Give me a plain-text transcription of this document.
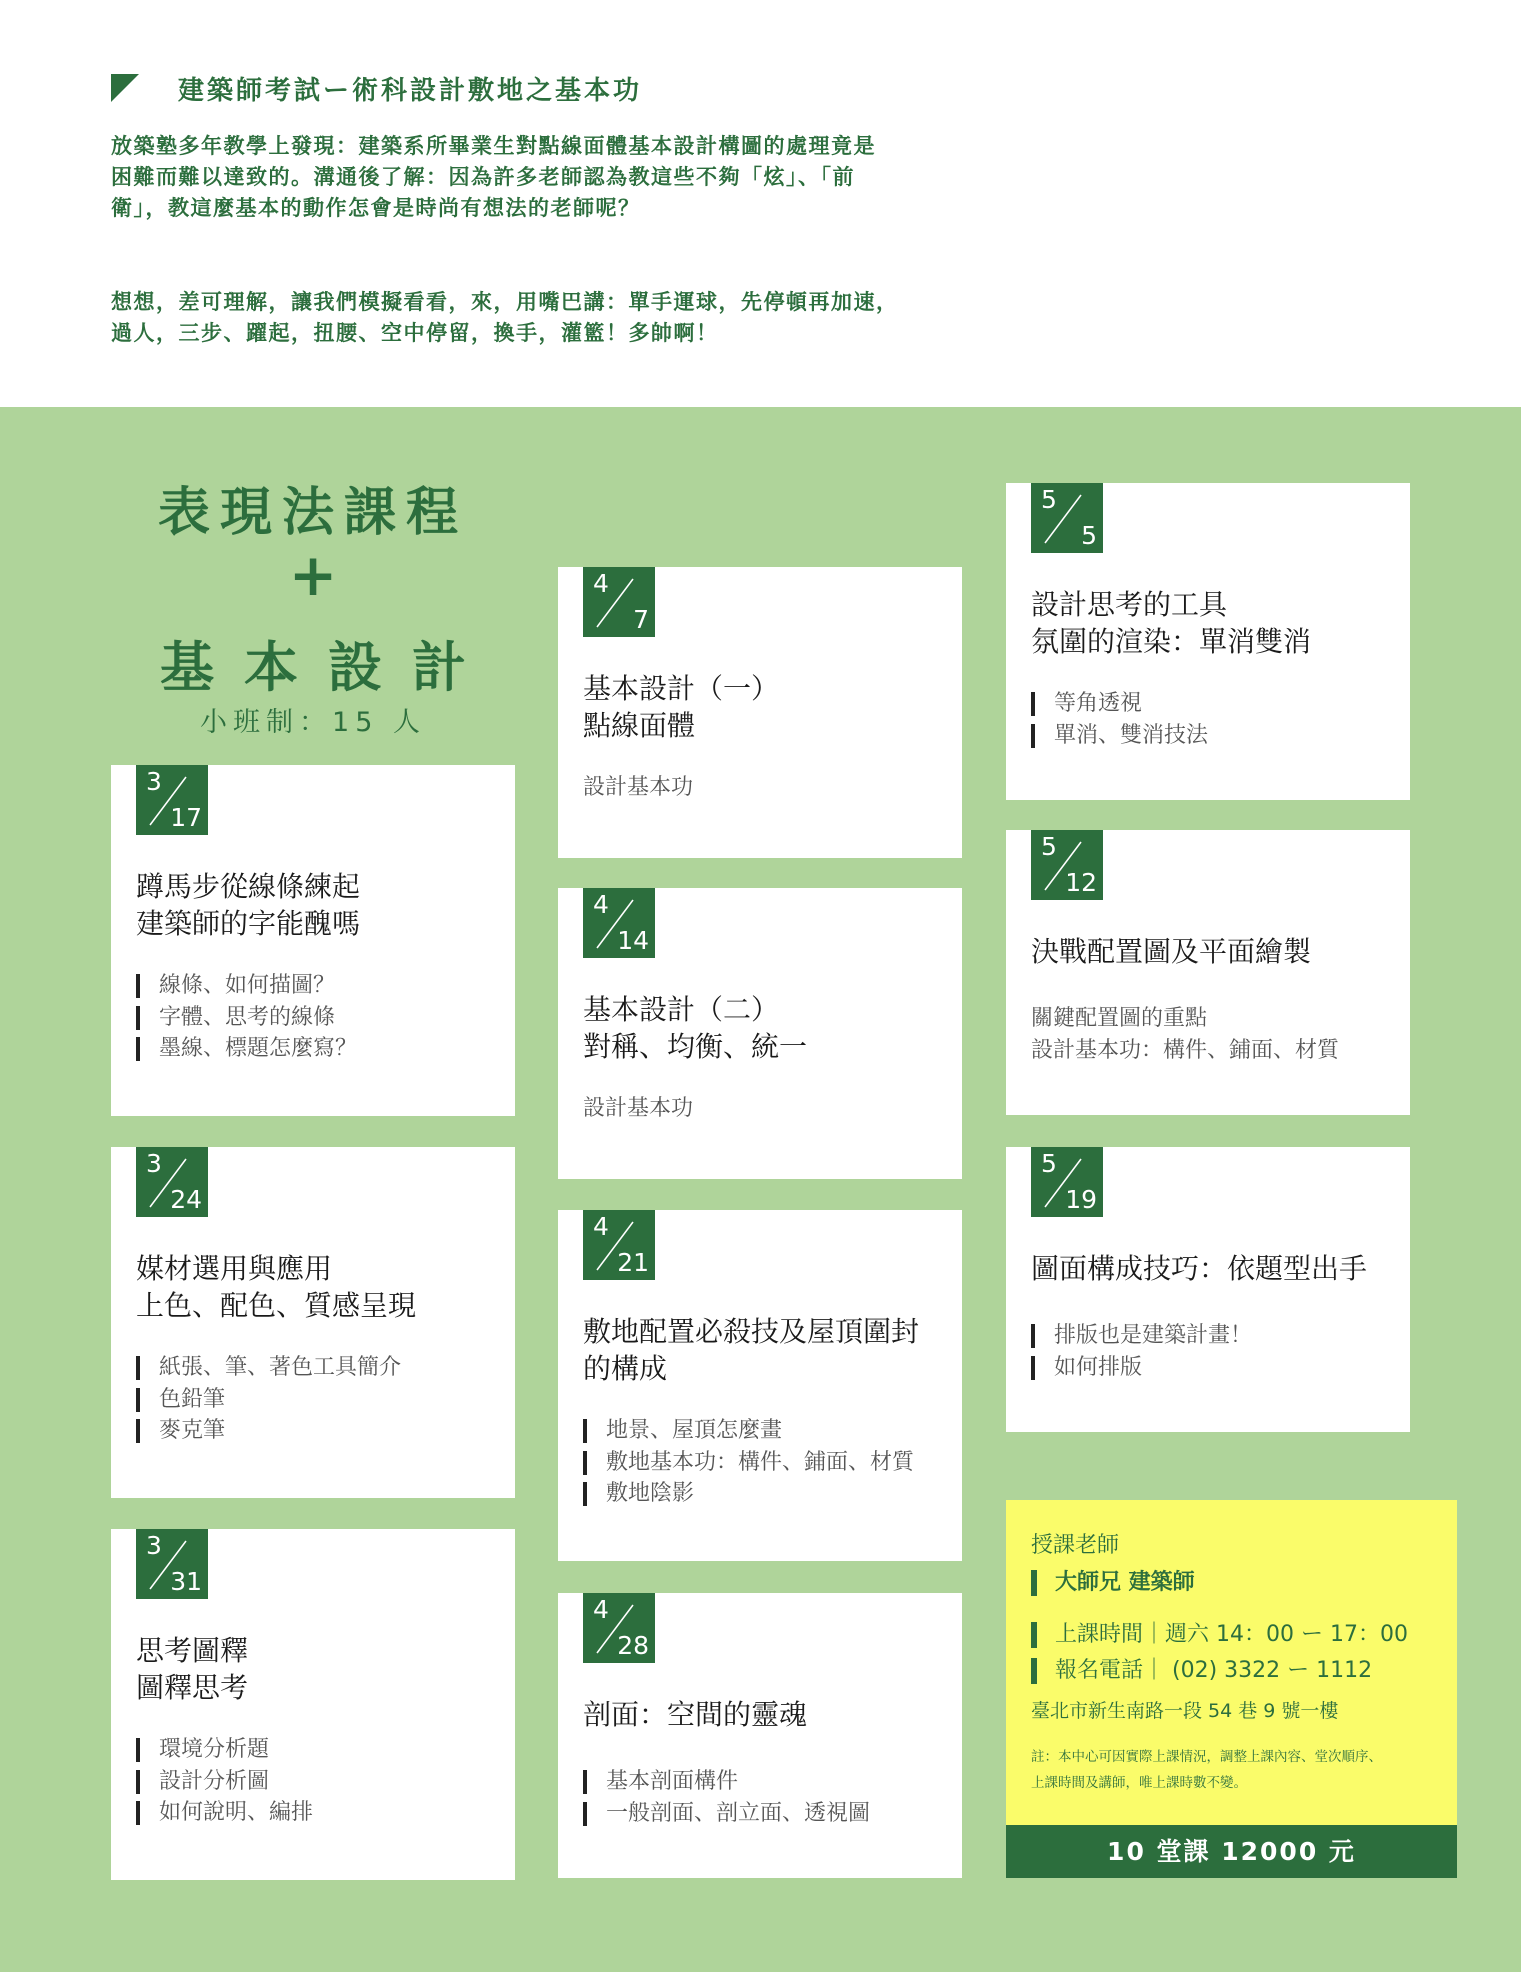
建築師考試ー術科設計敷地之基本功

放築塾多年教學上發現：建築系所畢業生對點線面體基本設計構圖的處理竟是
困難而難以達致的。溝通後了解：因為許多老師認為教這些不夠「炫」、「前
衛」，教這麼基本的動作怎會是時尚有想法的老師呢？

想想，差可理解，讓我們模擬看看，來，用嘴巴講：單手運球，先停頓再加速，
過人，三步、躍起，扭腰、空中停留，換手，灌籃！多帥啊！

表現法課程
+
基本設計
小班制：15 人
3
17
蹲馬步從線條練起
建築師的字能醜嗎
線條、如何描圖？
字體、思考的線條
墨線、標題怎麼寫？
3
24
媒材選用與應用
上色、配色、質感呈現
紙張、筆、著色工具簡介
色鉛筆
麥克筆
3
31
思考圖釋
圖釋思考
環境分析題
設計分析圖
如何說明、編排
4
7
基本設計（一）
點線面體
設計基本功
4
14
基本設計（二）
對稱、均衡、統一
設計基本功
4
21
敷地配置必殺技及屋頂圍封
的構成
地景、屋頂怎麼畫
敷地基本功：構件、鋪面、材質
敷地陰影
4
28
剖面：空間的靈魂
基本剖面構件
一般剖面、剖立面、透視圖
5
5
設計思考的工具
氛圍的渲染：單消雙消
等角透視
單消、雙消技法
5
12
決戰配置圖及平面繪製
關鍵配置圖的重點
設計基本功：構件、鋪面、材質
5
19
圖面構成技巧：依題型出手
排版也是建築計畫！
如何排版
授課老師
大師兄 建築師
上課時間｜週六 14：00 ー 17：00
報名電話｜ (02) 3322 ー 1112
臺北市新生南路一段 54 巷 9 號一樓
註：本中心可因實際上課情況，調整上課內容、堂次順序、
上課時間及講師，唯上課時數不變。
10 堂課 12000 元
